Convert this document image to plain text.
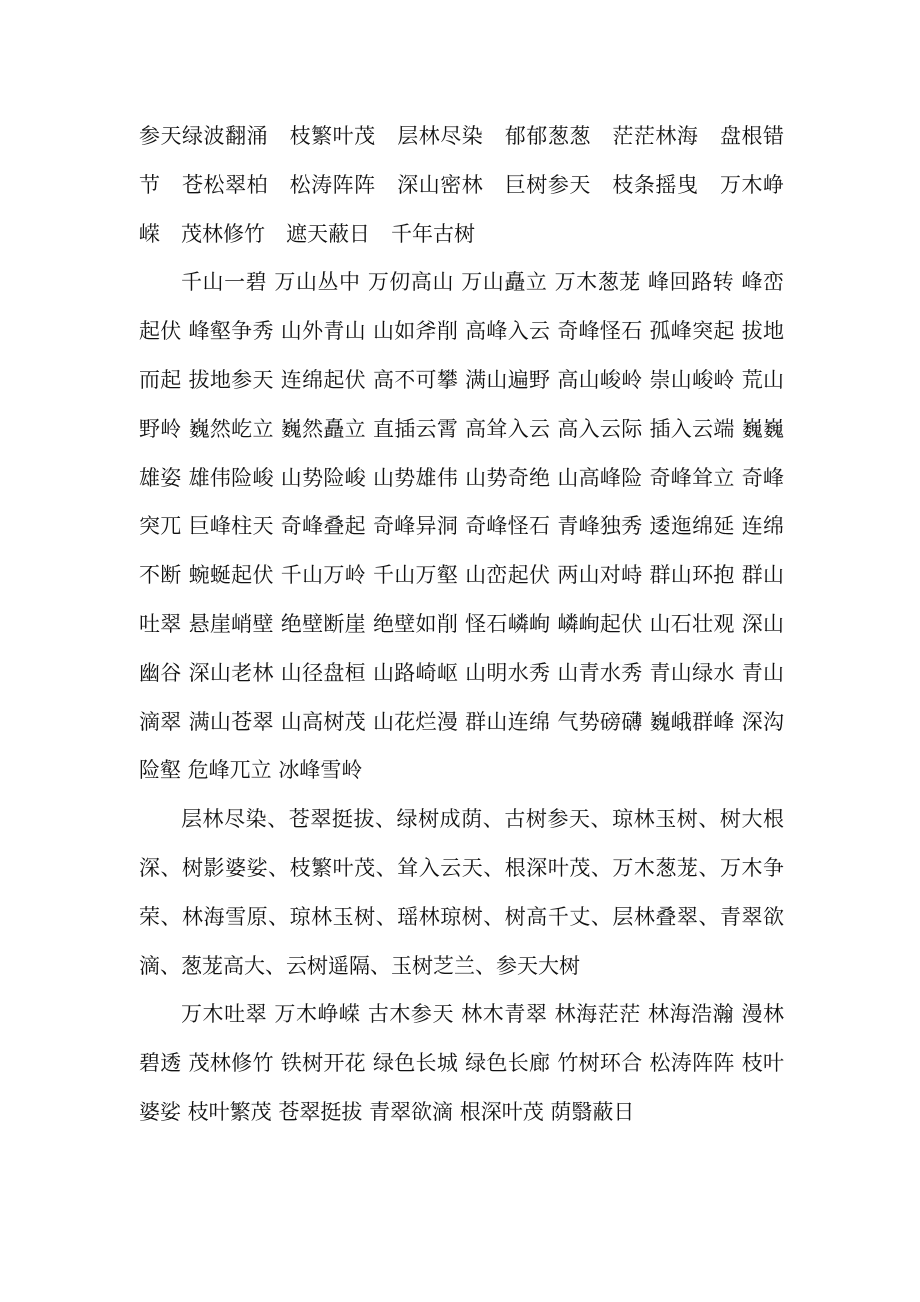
参天绿波翻涌　枝繁叶茂　层林尽染　郁郁葱葱　茫茫林海　盘根错节　苍松翠柏　松涛阵阵　深山密林　巨树参天　枝条摇曳　万木峥嵘　茂林修竹　遮天蔽日　千年古树

千山一碧 万山丛中 万仞高山 万山矗立 万木葱茏 峰回路转 峰峦起伏 峰壑争秀 山外青山 山如斧削 高峰入云 奇峰怪石 孤峰突起 拔地而起 拔地参天 连绵起伏 高不可攀 满山遍野 高山峻岭 崇山峻岭 荒山野岭 巍然屹立 巍然矗立 直插云霄 高耸入云 高入云际 插入云端 巍巍雄姿 雄伟险峻 山势险峻 山势雄伟 山势奇绝 山高峰险 奇峰耸立 奇峰突兀 巨峰柱天 奇峰叠起 奇峰异洞 奇峰怪石 青峰独秀 逶迤绵延 连绵不断 蜿蜒起伏 千山万岭 千山万壑 山峦起伏 两山对峙 群山环抱 群山吐翠 悬崖峭壁 绝壁断崖 绝壁如削 怪石嶙峋 嶙峋起伏 山石壮观 深山幽谷 深山老林 山径盘桓 山路崎岖 山明水秀 山青水秀 青山绿水 青山滴翠 满山苍翠 山高树茂 山花烂漫 群山连绵 气势磅礴 巍峨群峰 深沟险壑 危峰兀立 冰峰雪岭

层林尽染、苍翠挺拔、绿树成荫、古树参天、琼林玉树、树大根深、树影婆娑、枝繁叶茂、耸入云天、根深叶茂、万木葱茏、万木争荣、林海雪原、琼林玉树、瑶林琼树、树高千丈、层林叠翠、青翠欲滴、葱茏高大、云树遥隔、玉树芝兰、参天大树

万木吐翠 万木峥嵘 古木参天 林木青翠 林海茫茫 林海浩瀚 漫林碧透 茂林修竹 铁树开花 绿色长城 绿色长廊 竹树环合 松涛阵阵 枝叶婆娑 枝叶繁茂 苍翠挺拔 青翠欲滴 根深叶茂 荫翳蔽日
